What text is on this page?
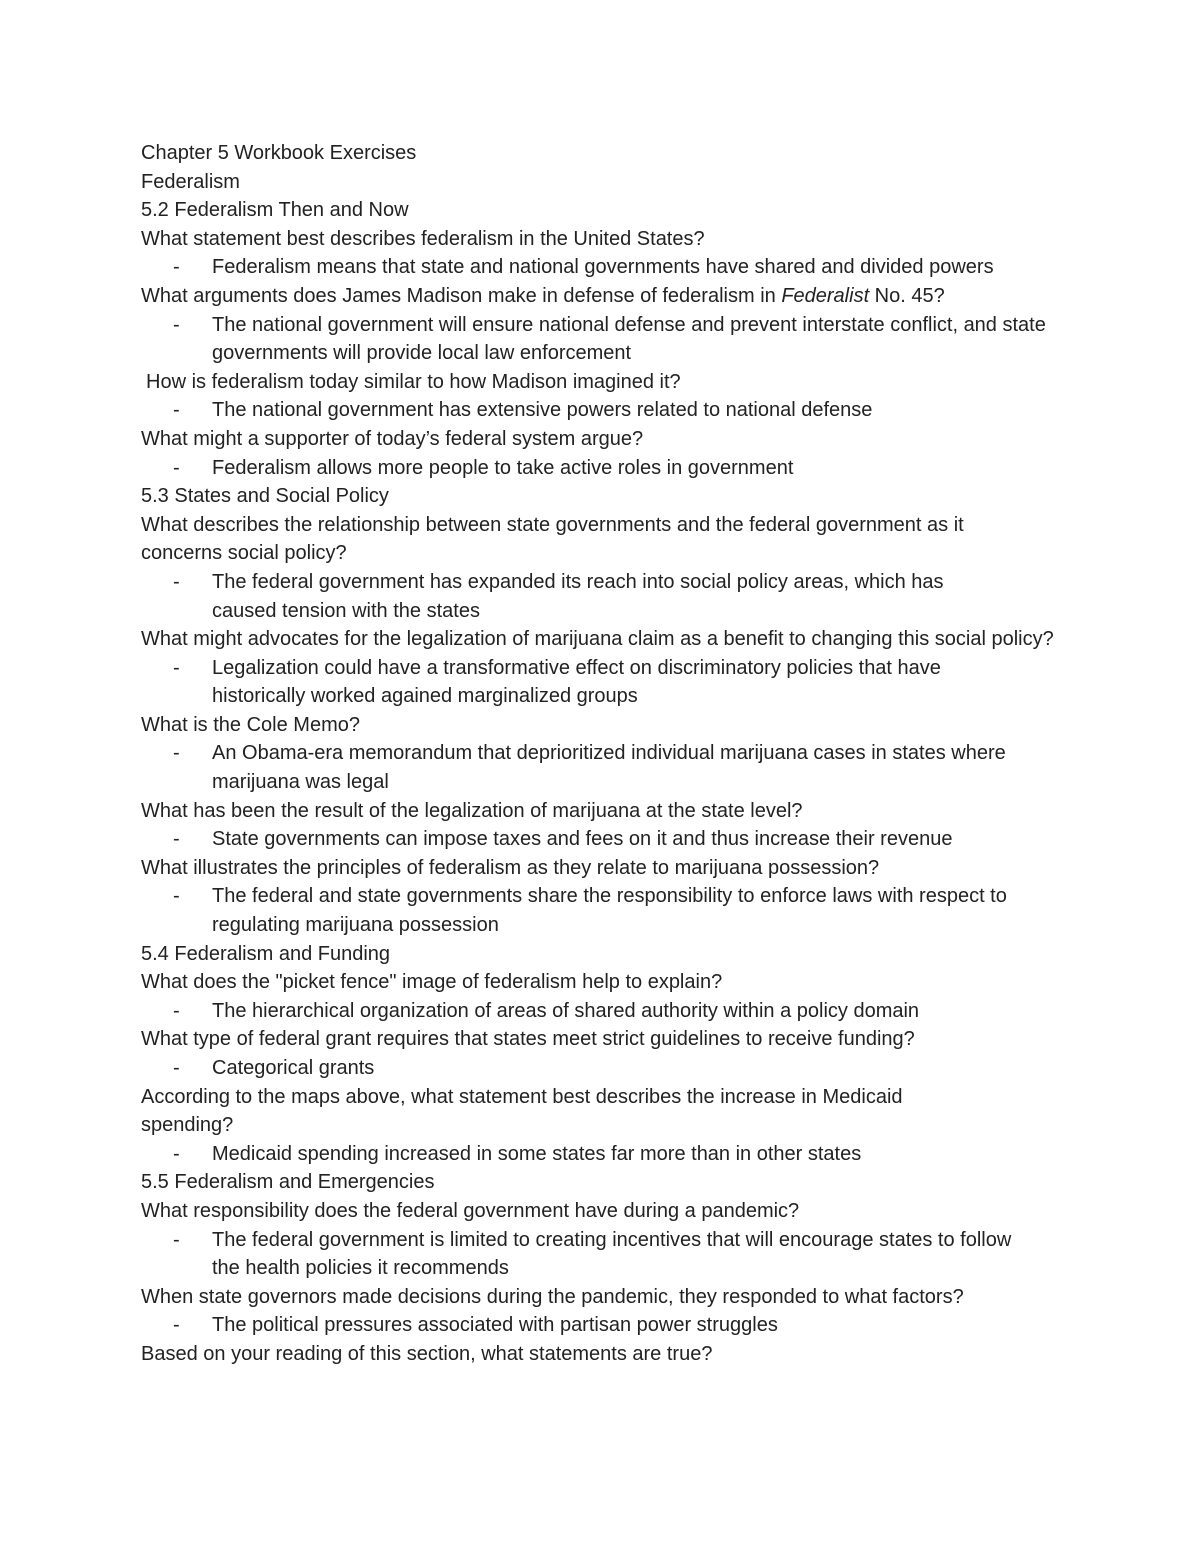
Chapter 5 Workbook Exercises
Federalism
5.2 Federalism Then and Now
What statement best describes federalism in the United States?
-	Federalism means that state and national governments have shared and divided powers
What arguments does James Madison make in defense of federalism in Federalist No. 45?
-	The national government will ensure national defense and prevent interstate conflict, and state governments will provide local law enforcement
How is federalism today similar to how Madison imagined it?
-	The national government has extensive powers related to national defense
What might a supporter of today’s federal system argue?
-	Federalism allows more people to take active roles in government
5.3 States and Social Policy
What describes the relationship between state governments and the federal government as it concerns social policy?
-	The federal government has expanded its reach into social policy areas, which has caused tension with the states
What might advocates for the legalization of marijuana claim as a benefit to changing this social policy?
-	Legalization could have a transformative effect on discriminatory policies that have historically worked agained marginalized groups
What is the Cole Memo?
-	An Obama-era memorandum that deprioritized individual marijuana cases in states where marijuana was legal
What has been the result of the legalization of marijuana at the state level?
-	State governments can impose taxes and fees on it and thus increase their revenue
What illustrates the principles of federalism as they relate to marijuana possession?
-	The federal and state governments share the responsibility to enforce laws with respect to regulating marijuana possession
5.4 Federalism and Funding
What does the "picket fence" image of federalism help to explain?
-	The hierarchical organization of areas of shared authority within a policy domain
What type of federal grant requires that states meet strict guidelines to receive funding?
-	Categorical grants
According to the maps above, what statement best describes the increase in Medicaid spending?
-	Medicaid spending increased in some states far more than in other states
5.5 Federalism and Emergencies
What responsibility does the federal government have during a pandemic?
-	The federal government is limited to creating incentives that will encourage states to follow the health policies it recommends
When state governors made decisions during the pandemic, they responded to what factors?
-	The political pressures associated with partisan power struggles
Based on your reading of this section, what statements are true?
